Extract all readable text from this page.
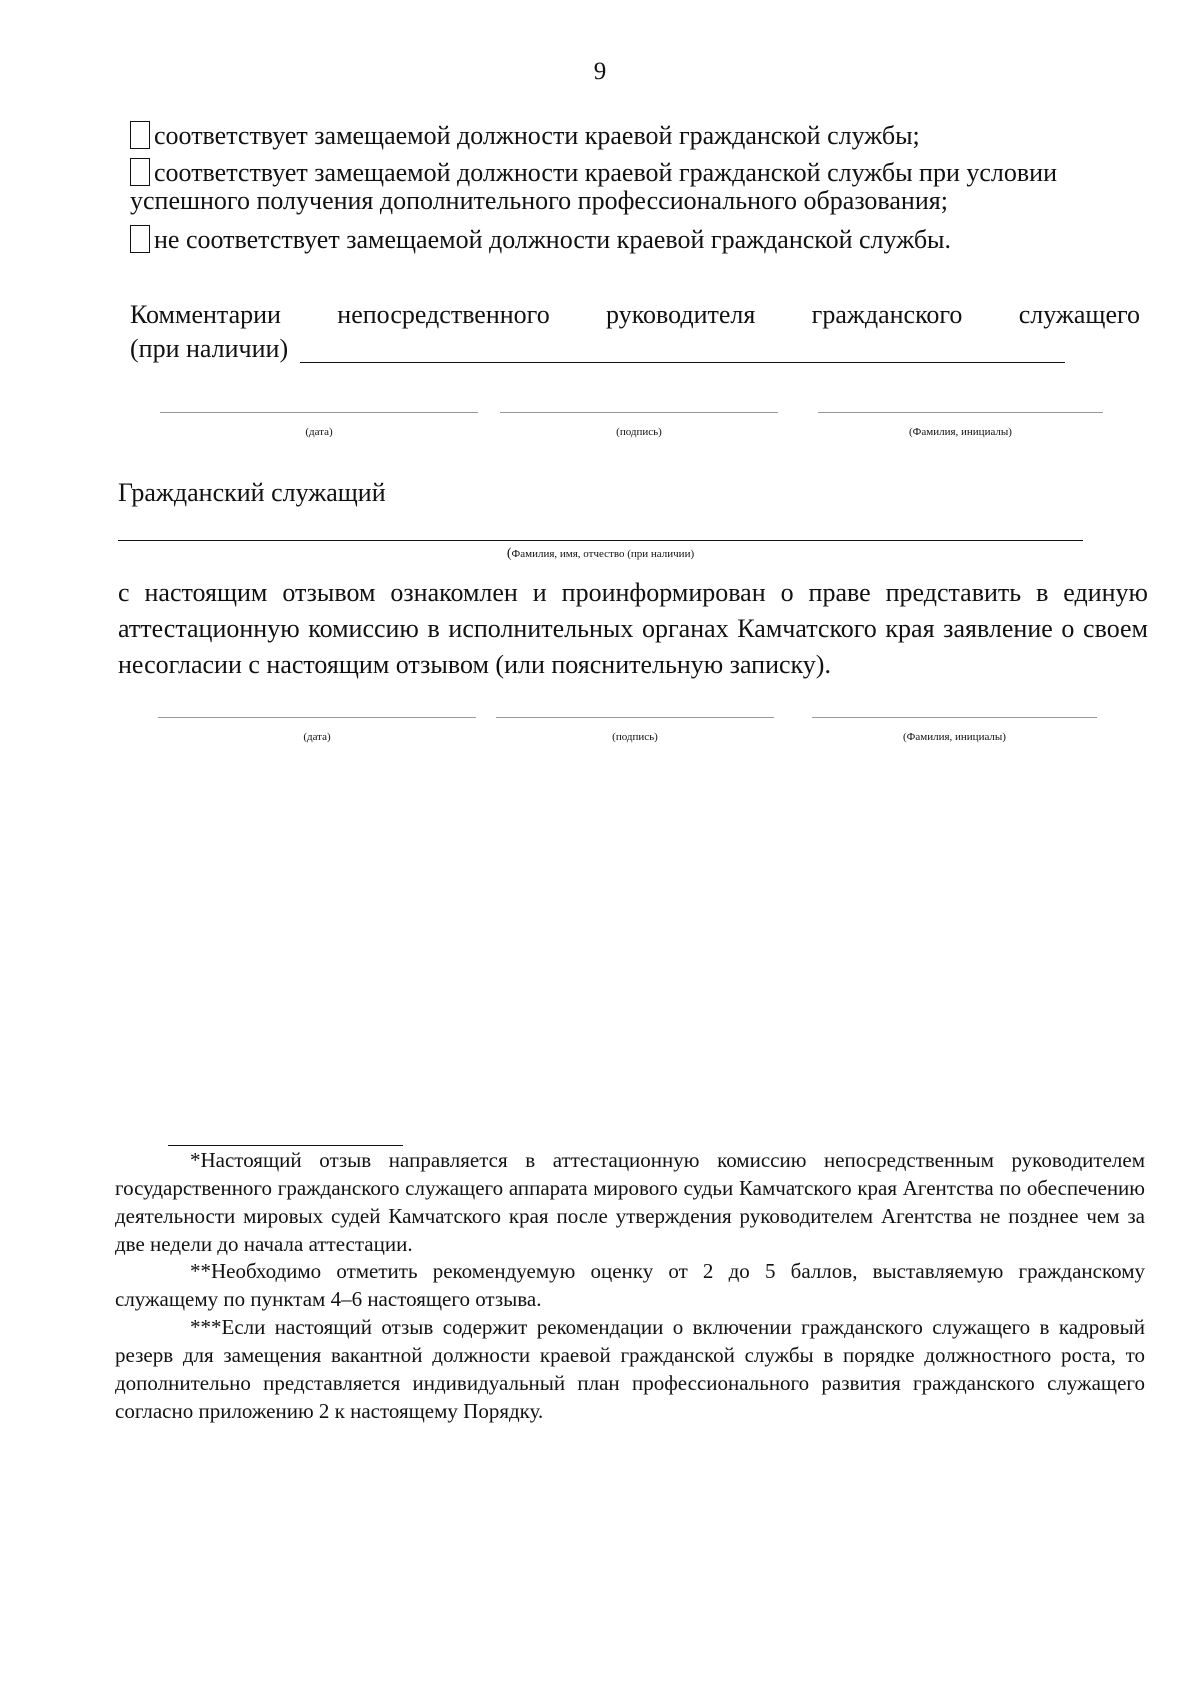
9
соответствует замещаемой должности краевой гражданской службы;
соответствует замещаемой должности краевой гражданской службы при условии
успешного получения дополнительного профессионального образования;
не соответствует замещаемой должности краевой гражданской службы.
Комментарии непосредственного руководителя гражданского служащего
(при наличии)
(дата)	(подпись)	(Фамилия, инициалы)
Гражданский служащий
(Фамилия, имя, отчество (при наличии)
с настоящим отзывом ознакомлен и проинформирован о праве представить в единую аттестационную комиссию в исполнительных органах Камчатского края заявление о своем несогласии с настоящим отзывом (или пояснительную записку).
(дата)	(подпись)	(Фамилия, инициалы)

*Настоящий отзыв направляется в аттестационную комиссию непосредственным руководителем государственного гражданского служащего аппарата мирового судьи Камчатского края Агентства по обеспечению деятельности мировых судей Камчатского края после утверждения руководителем Агентства не позднее чем за две недели до начала аттестации.

**Необходимо отметить рекомендуемую оценку от 2 до 5 баллов, выставляемую гражданскому служащему по пунктам 4–6 настоящего отзыва.

***Если настоящий отзыв содержит рекомендации о включении гражданского служащего в кадровый резерв для замещения вакантной должности краевой гражданской службы в порядке должностного роста, то дополнительно представляется индивидуальный план профессионального развития гражданского служащего согласно приложению 2 к настоящему Порядку.
